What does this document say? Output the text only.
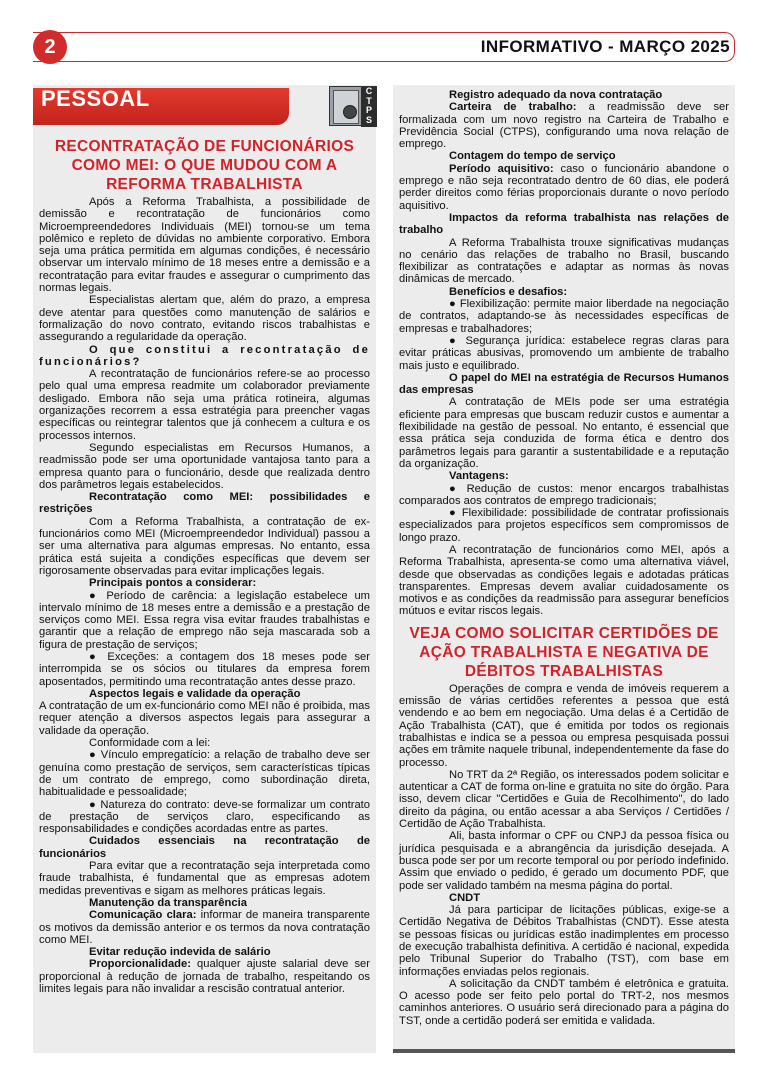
2	INFORMATIVO - MARÇO 2025
PESSOAL	C
T
P
S
RECONTRATAÇÃO DE FUNCIONÁRIOS COMO MEI: O QUE MUDOU COM A REFORMA TRABALHISTA

Após a Reforma Trabalhista, a possibilidade de demissão e recontratação de funcionários como Microempreendedores Individuais (MEI) tornou-se um tema polêmico e repleto de dúvidas no ambiente corporativo. Embora seja uma prática permitida em algumas condições, é necessário observar um intervalo mínimo de 18 meses entre a demissão e a recontratação para evitar fraudes e assegurar o cumprimento das normas legais.

Especialistas alertam que, além do prazo, a empresa deve atentar para questões como manutenção de salários e formalização do novo contrato, evitando riscos trabalhistas e assegurando a regularidade da operação.

O que constitui a recontratação de funcionários?

A recontratação de funcionários refere-se ao processo pelo qual uma empresa readmite um colaborador previamente desligado. Embora não seja uma prática rotineira, algumas organizações recorrem a essa estratégia para preencher vagas específicas ou reintegrar talentos que já conhecem a cultura e os processos internos.

Segundo especialistas em Recursos Humanos, a readmissão pode ser uma oportunidade vantajosa tanto para a empresa quanto para o funcionário, desde que realizada dentro dos parâmetros legais estabelecidos.

Recontratação como MEI: possibilidades e restrições

Com a Reforma Trabalhista, a contratação de ex-funcionários como MEI (Microempreendedor Individual) passou a ser uma alternativa para algumas empresas. No entanto, essa prática está sujeita a condições específicas que devem ser rigorosamente observadas para evitar implicações legais.

Principais pontos a considerar:

● Período de carência: a legislação estabelece um intervalo mínimo de 18 meses entre a demissão e a prestação de serviços como MEI. Essa regra visa evitar fraudes trabalhistas e garantir que a relação de emprego não seja mascarada sob a figura de prestação de serviços;

● Exceções: a contagem dos 18 meses pode ser interrompida se os sócios ou titulares da empresa forem aposentados, permitindo uma recontratação antes desse prazo.

Aspectos legais e validade da operação

A contratação de um ex-funcionário como MEI não é proibida, mas requer atenção a diversos aspectos legais para assegurar a validade da operação.

Conformidade com a lei:

● Vínculo empregatício: a relação de trabalho deve ser genuína como prestação de serviços, sem características típicas de um contrato de emprego, como subordinação direta, habitualidade e pessoalidade;

● Natureza do contrato: deve-se formalizar um contrato de prestação de serviços claro, especificando as responsabilidades e condições acordadas entre as partes.

Cuidados essenciais na recontratação de funcionários

Para evitar que a recontratação seja interpretada como fraude trabalhista, é fundamental que as empresas adotem medidas preventivas e sigam as melhores práticas legais.

Manutenção da transparência

Comunicação clara: informar de maneira transparente os motivos da demissão anterior e os termos da nova contratação como MEI.

Evitar redução indevida de salário

Proporcionalidade: qualquer ajuste salarial deve ser proporcional à redução de jornada de trabalho, respeitando os limites legais para não invalidar a rescisão contratual anterior.

Registro adequado da nova contratação

Carteira de trabalho: a readmissão deve ser formalizada com um novo registro na Carteira de Trabalho e Previdência Social (CTPS), configurando uma nova relação de emprego.

Contagem do tempo de serviço

Período aquisitivo: caso o funcionário abandone o emprego e não seja recontratado dentro de 60 dias, ele poderá perder direitos como férias proporcionais durante o novo período aquisitivo.

Impactos da reforma trabalhista nas relações de trabalho

A Reforma Trabalhista trouxe significativas mudanças no cenário das relações de trabalho no Brasil, buscando flexibilizar as contratações e adaptar as normas às novas dinâmicas de mercado.

Benefícios e desafios:

● Flexibilização: permite maior liberdade na negociação de contratos, adaptando-se às necessidades específicas de empresas e trabalhadores;

● Segurança jurídica: estabelece regras claras para evitar práticas abusivas, promovendo um ambiente de trabalho mais justo e equilibrado.

O papel do MEI na estratégia de Recursos Humanos das empresas

A contratação de MEIs pode ser uma estratégia eficiente para empresas que buscam reduzir custos e aumentar a flexibilidade na gestão de pessoal. No entanto, é essencial que essa prática seja conduzida de forma ética e dentro dos parâmetros legais para garantir a sustentabilidade e a reputação da organização.

Vantagens:

● Redução de custos: menor encargos trabalhistas comparados aos contratos de emprego tradicionais;

● Flexibilidade: possibilidade de contratar profissionais especializados para projetos específicos sem compromissos de longo prazo.

A recontratação de funcionários como MEI, após a Reforma Trabalhista, apresenta-se como uma alternativa viável, desde que observadas as condições legais e adotadas práticas transparentes. Empresas devem avaliar cuidadosamente os motivos e as condições da readmissão para assegurar benefícios mútuos e evitar riscos legais.

VEJA COMO SOLICITAR CERTIDÕES DE AÇÃO TRABALHISTA E NEGATIVA DE DÉBITOS TRABALHISTAS

Operações de compra e venda de imóveis requerem a emissão de várias certidões referentes a pessoa que está vendendo e ao bem em negociação. Uma delas é a Certidão de Ação Trabalhista (CAT), que é emitida por todos os regionais trabalhistas e indica se a pessoa ou empresa pesquisada possui ações em trâmite naquele tribunal, independentemente da fase do processo.

No TRT da 2ª Região, os interessados podem solicitar e autenticar a CAT de forma on-line e gratuita no site do órgão. Para isso, devem clicar "Certidões e Guia de Recolhimento", do lado direito da página, ou então acessar a aba Serviços / Certidões / Certidão de Ação Trabalhista.

Ali, basta informar o CPF ou CNPJ da pessoa física ou jurídica pesquisada e a abrangência da jurisdição desejada. A busca pode ser por um recorte temporal ou por período indefinido. Assim que enviado o pedido, é gerado um documento PDF, que pode ser validado também na mesma página do portal.

CNDT

Já para participar de licitações públicas, exige-se a Certidão Negativa de Débitos Trabalhistas (CNDT). Esse atesta se pessoas físicas ou jurídicas estão inadimplentes em processo de execução trabalhista definitiva. A certidão é nacional, expedida pelo Tribunal Superior do Trabalho (TST), com base em informações enviadas pelos regionais.

A solicitação da CNDT também é eletrônica e gratuita. O acesso pode ser feito pelo portal do TRT-2, nos mesmos caminhos anteriores. O usuário será direcionado para a página do TST, onde a certidão poderá ser emitida e validada.
